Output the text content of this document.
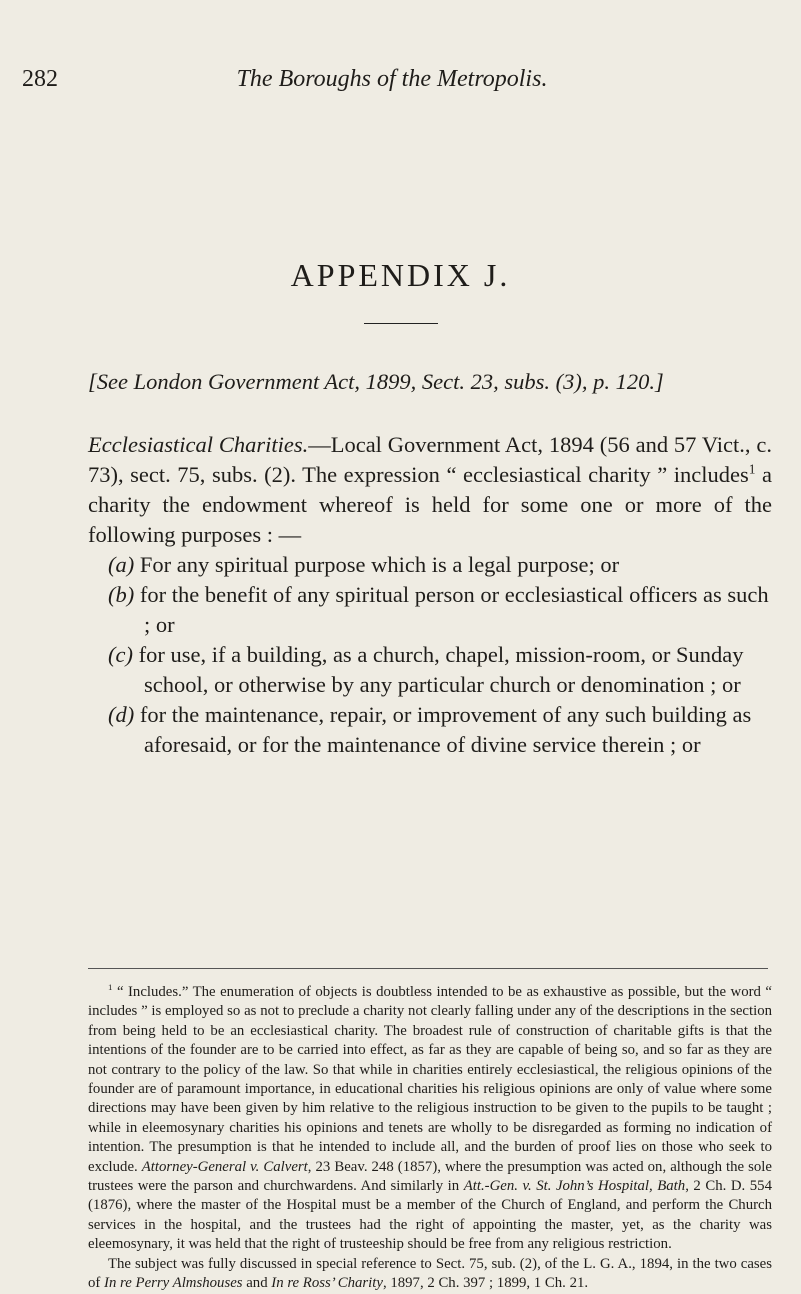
282	The Boroughs of the Metropolis.
APPENDIX J.
[See London Government Act, 1899, Sect. 23, subs. (3), p. 120.]

Ecclesiastical Charities.—Local Government Act, 1894 (56 and 57 Vict., c. 73), sect. 75, subs. (2). The expression “ ecclesiastical charity ” includes$^1$ a charity the endowment whereof is held for some one or more of the following purposes : —

(a) For any spiritual purpose which is a legal purpose; or
(b) for the benefit of any spiritual person or ecclesiastical officers as such ; or
(c) for use, if a building, as a church, chapel, mission-room, or Sunday school, or otherwise by any particular church or denomination ; or
(d) for the maintenance, repair, or improvement of any such building as aforesaid, or for the maintenance of divine service therein ; or

$^1$ “ Includes.” The enumeration of objects is doubtless intended to be as exhaustive as possible, but the word “ includes ” is employed so as not to preclude a charity not clearly falling under any of the descriptions in the section from being held to be an ecclesiastical charity. The broadest rule of construction of charitable gifts is that the intentions of the founder are to be carried into effect, as far as they are capable of being so, and so far as they are not contrary to the policy of the law. So that while in charities entirely ecclesiastical, the religious opinions of the founder are of paramount importance, in educational charities his religious opinions are only of value where some directions may have been given by him relative to the religious instruction to be given to the pupils to be taught ; while in eleemosynary charities his opinions and tenets are wholly to be disregarded as forming no indication of intention. The presumption is that he intended to include all, and the burden of proof lies on those who seek to exclude. Attorney-General v. Calvert, 23 Beav. 248 (1857), where the presumption was acted on, although the sole trustees were the parson and churchwardens. And similarly in Att.-Gen. v. St. John’s Hospital, Bath, 2 Ch. D. 554 (1876), where the master of the Hospital must be a member of the Church of England, and perform the Church services in the hospital, and the trustees had the right of appointing the master, yet, as the charity was eleemosynary, it was held that the right of trusteeship should be free from any religious restriction.

The subject was fully discussed in special reference to Sect. 75, sub. (2), of the L. G. A., 1894, in the two cases of In re Perry Almshouses and In re Ross’ Charity, 1897, 2 Ch. 397 ; 1899, 1 Ch. 21.
